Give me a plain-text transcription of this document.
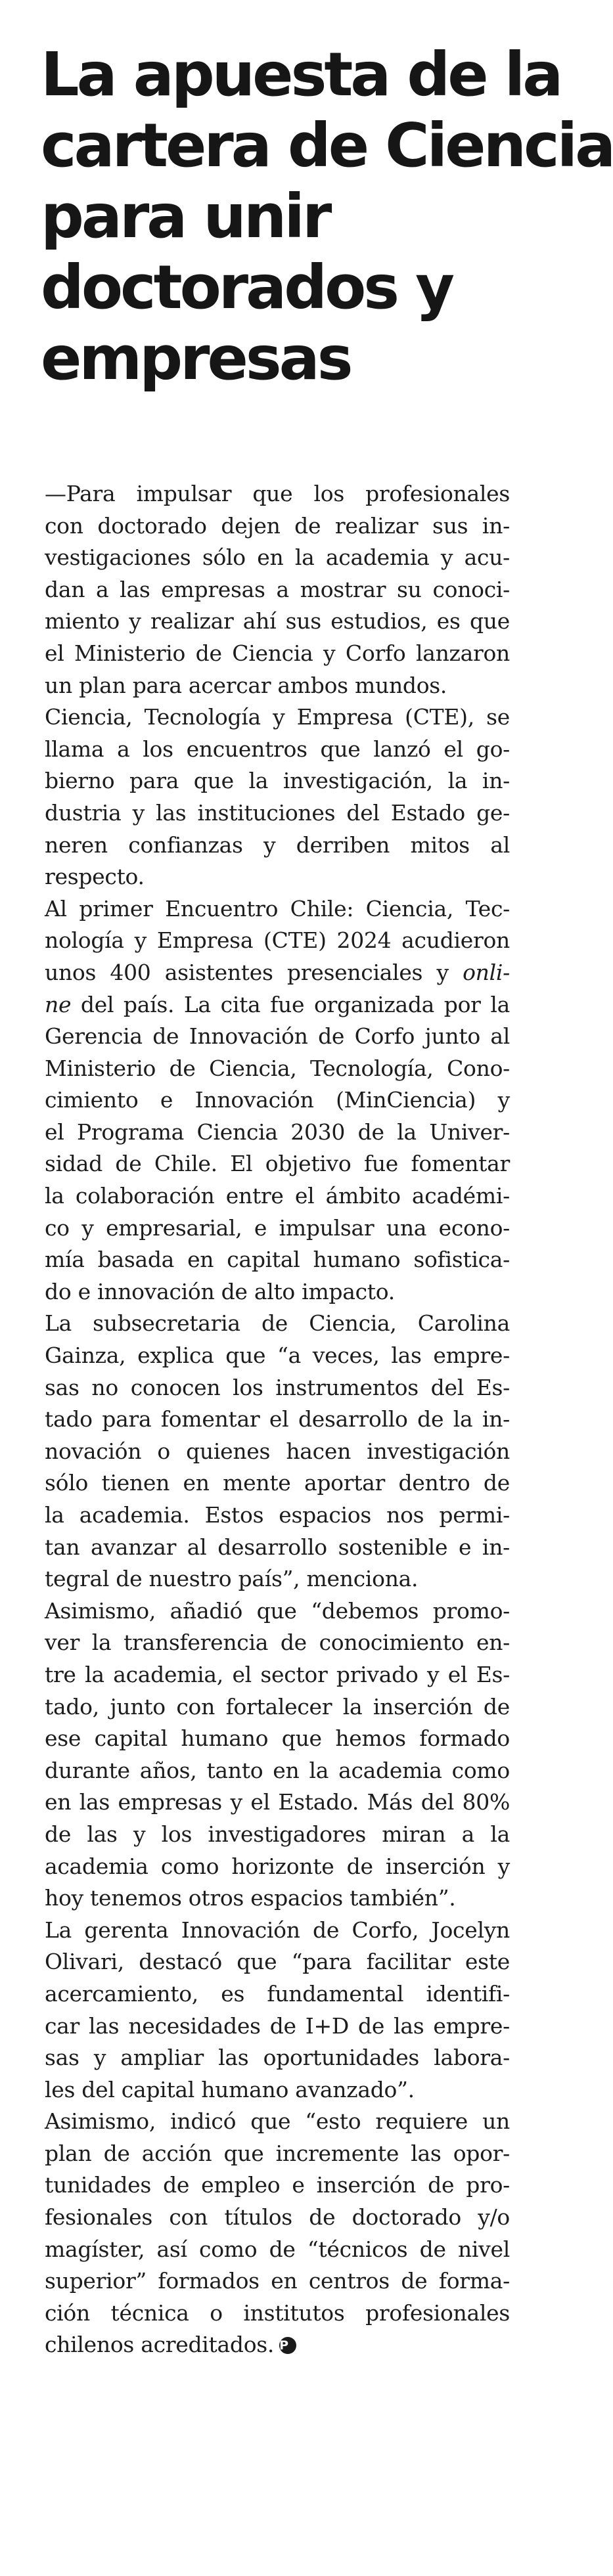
La apuesta de la
cartera de Ciencia
para unir
doctorados y
empresas

—Para impulsar que los profesionales
con doctorado dejen de realizar sus in-
vestigaciones sólo en la academia y acu-
dan a las empresas a mostrar su conoci-
miento y realizar ahí sus estudios, es que
el Ministerio de Ciencia y Corfo lanzaron
un plan para acercar ambos mundos.

Ciencia, Tecnología y Empresa (CTE), se
llama a los encuentros que lanzó el go-
bierno para que la investigación, la in-
dustria y las instituciones del Estado ge-
neren confianzas y derriben mitos al
respecto.

Al primer Encuentro Chile: Ciencia, Tec-
nología y Empresa (CTE) 2024 acudieron
unos 400 asistentes presenciales y onli-
ne del país. La cita fue organizada por la
Gerencia de Innovación de Corfo junto al
Ministerio de Ciencia, Tecnología, Cono-
cimiento e Innovación (MinCiencia) y
el Programa Ciencia 2030 de la Univer-
sidad de Chile. El objetivo fue fomentar
la colaboración entre el ámbito académi-
co y empresarial, e impulsar una econo-
mía basada en capital humano sofistica-
do e innovación de alto impacto.

La subsecretaria de Ciencia, Carolina
Gainza, explica que “a veces, las empre-
sas no conocen los instrumentos del Es-
tado para fomentar el desarrollo de la in-
novación o quienes hacen investigación
sólo tienen en mente aportar dentro de
la academia. Estos espacios nos permi-
tan avanzar al desarrollo sostenible e in-
tegral de nuestro país”, menciona.

Asimismo, añadió que “debemos promo-
ver la transferencia de conocimiento en-
tre la academia, el sector privado y el Es-
tado, junto con fortalecer la inserción de
ese capital humano que hemos formado
durante años, tanto en la academia como
en las empresas y el Estado. Más del 80%
de las y los investigadores miran a la
academia como horizonte de inserción y
hoy tenemos otros espacios también”.

La gerenta Innovación de Corfo, Jocelyn
Olivari, destacó que “para facilitar este
acercamiento, es fundamental identifi-
car las necesidades de I+D de las empre-
sas y ampliar las oportunidades labora-
les del capital humano avanzado”.

Asimismo, indicó que “esto requiere un
plan de acción que incremente las opor-
tunidades de empleo e inserción de pro-
fesionales con títulos de doctorado y/o
magíster, así como de “técnicos de nivel
superior” formados en centros de forma-
ción técnica o institutos profesionales
chilenos acreditados. P
